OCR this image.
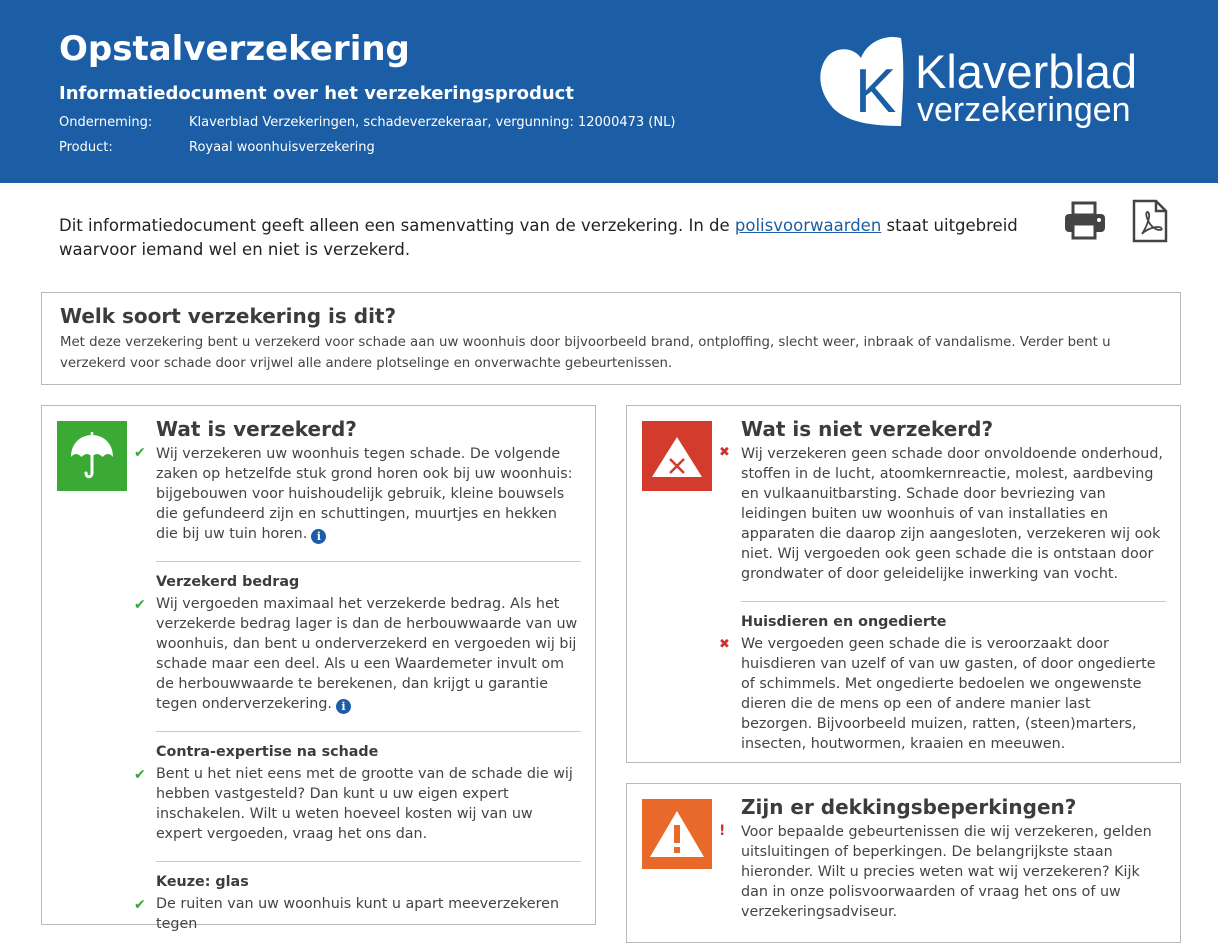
Opstalverzekering
Informatiedocument over het verzekeringsproduct
Onderneming:	Klaverblad Verzekeringen, schadeverzekeraar, vergunning: 12000473 (NL)
Product:	Royaal woonhuisverzekering
K Klaverblad
verzekeringen
Dit informatiedocument geeft alleen een samenvatting van de verzekering. In de polisvoorwaarden staat uitgebreid waarvoor iemand wel en niet is verzekerd.
Welk soort verzekering is dit?

Met deze verzekering bent u verzekerd voor schade aan uw woonhuis door bijvoorbeeld brand, ontploffing, slecht weer, inbraak of vandalisme. Verder bent u verzekerd voor schade door vrijwel alle andere plotselinge en onverwachte gebeurtenissen.

Wat is verzekerd?
✔ Wij verzekeren uw woonhuis tegen schade. De volgende zaken op hetzelfde stuk grond horen ook bij uw woonhuis: bijgebouwen voor huishoudelijk gebruik, kleine bouwsels die gefundeerd zijn en schuttingen, muurtjes en hekken die bij uw tuin horen. i

Verzekerd bedrag
✔ Wij vergoeden maximaal het verzekerde bedrag. Als het verzekerde bedrag lager is dan de herbouwwaarde van uw woonhuis, dan bent u onderverzekerd en vergoeden wij bij schade maar een deel. Als u een Waardemeter invult om de herbouwwaarde te berekenen, dan krijgt u garantie tegen onderverzekering. i

Contra-expertise na schade
✔ Bent u het niet eens met de grootte van de schade die wij hebben vastgesteld? Dan kunt u uw eigen expert inschakelen. Wilt u weten hoeveel kosten wij van uw expert vergoeden, vraag het ons dan.

Keuze: glas
✔ De ruiten van uw woonhuis kunt u apart meeverzekeren tegen

Wat is niet verzekerd?
✖ Wij verzekeren geen schade door onvoldoende onderhoud, stoffen in de lucht, atoomkernreactie, molest, aardbeving en vulkaanuitbarsting. Schade door bevriezing van leidingen buiten uw woonhuis of van installaties en apparaten die daarop zijn aangesloten, verzekeren wij ook niet. Wij vergoeden ook geen schade die is ontstaan door grondwater of door geleidelijke inwerking van vocht.

Huisdieren en ongedierte
✖ We vergoeden geen schade die is veroorzaakt door huisdieren van uzelf of van uw gasten, of door ongedierte of schimmels. Met ongedierte bedoelen we ongewenste dieren die de mens op een of andere manier last bezorgen. Bijvoorbeeld muizen, ratten, (steen)marters, insecten, houtwormen, kraaien en meeuwen.

Zijn er dekkingsbeperkingen?
! Voor bepaalde gebeurtenissen die wij verzekeren, gelden uitsluitingen of beperkingen. De belangrijkste staan hieronder. Wilt u precies weten wat wij verzekeren? Kijk dan in onze polisvoorwaarden of vraag het ons of uw verzekeringsadviseur.
